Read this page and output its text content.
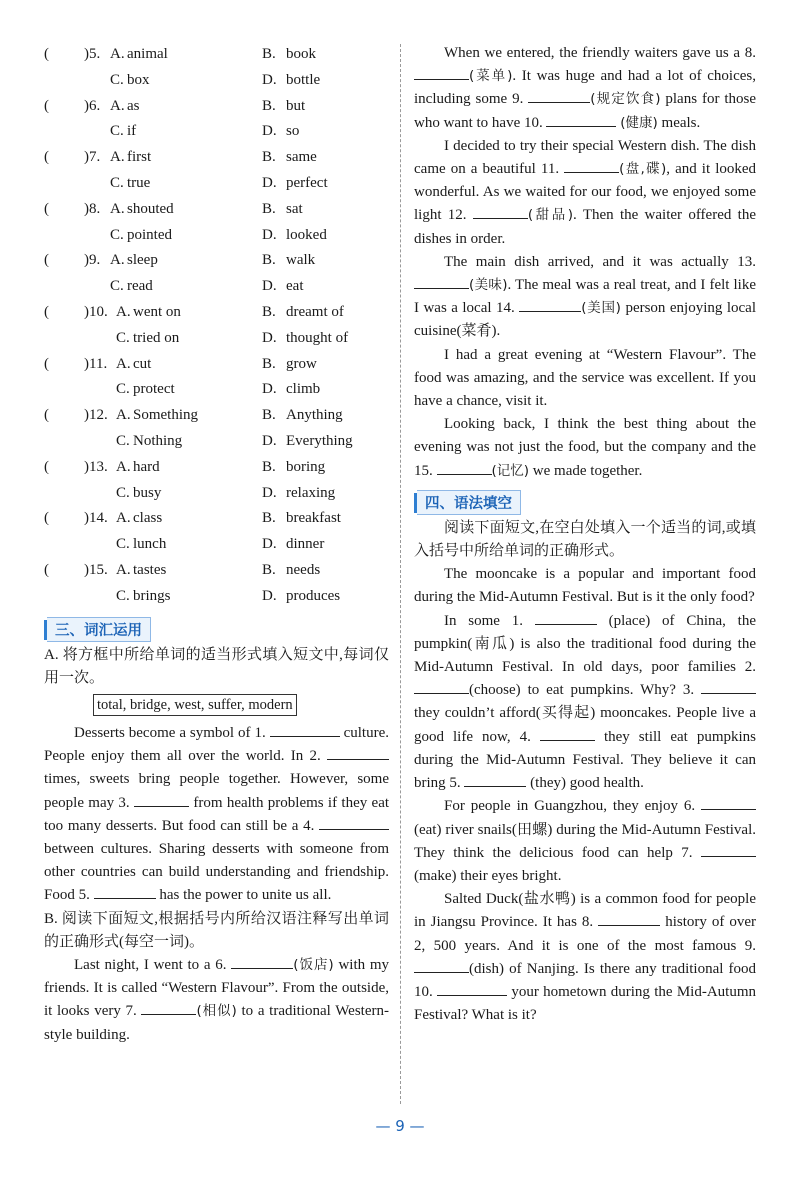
(	)5. A. animal	B. book
C. box	D. bottle
(	)6. A. as	B. but
C. if	D. so
(	)7. A. first	B. same
C. true	D. perfect
(	)8. A. shouted	B. sat
C. pointed	D. looked
(	)9. A. sleep	B. walk
C. read	D. eat
(	)10. A. went on	B. dreamt of
C. tried on	D. thought of
(	)11. A. cut	B. grow
C. protect	D. climb
(	)12. A. Something	B. Anything
C. Nothing	D. Everything
(	)13. A. hard	B. boring
C. busy	D. relaxing
(	)14. A. class	B. breakfast
C. lunch	D. dinner
(	)15. A. tastes	B. needs
C. brings	D. produces
三、词汇运用

A. 将方框中所给单词的适当形式填入短文中,每词仅用一次。

total, bridge, west, suffer, modern

Desserts become a symbol of 1.	culture. People enjoy them all over the world. In 2.  times, sweets bring people together. However, some people may 3.	from health problems if they eat too many desserts. But food can still be a 4.  between cultures. Sharing desserts with someone from other countries can build understanding and friendship. Food 5.	has the power to unite us all.

B. 阅读下面短文,根据括号内所给汉语注释写出单词的正确形式(每空一词)。

Last night, I went to a 6.	(饭店) with my friends. It is called “Western Flavour”. From the outside, it looks very 7.	(相似) to a traditional Western-style building.

When we entered, the friendly waiters gave us a 8. (菜单). It was huge and had a lot of choices, including some 9.	(规定饮食) plans for those who want to have 10.	(健康) meals.

I decided to try their special Western dish. The dish came on a beautiful 11.	(盘,碟), and it looked wonderful. As we waited for our food, we enjoyed some light 12.	(甜品). Then the waiter offered the dishes in order.

The main dish arrived, and it was actually 13. (美味). The meal was a real treat, and I felt like I was a local 14.	(美国) person enjoying local cuisine(菜肴).

I had a great evening at “Western Flavour”. The food was amazing, and the service was excellent. If you have a chance, visit it.

Looking back, I think the best thing about the evening was not just the food, but the company and the 15.	(记忆) we made together.

四、语法填空

阅读下面短文,在空白处填入一个适当的词,或填入括号中所给单词的正确形式。

The mooncake is a popular and important food during the Mid-Autumn Festival. But is it the only food?

In some 1.	(place) of China, the pumpkin(南瓜) is also the traditional food during the Mid-Autumn Festival. In old days, poor families 2. (choose) to eat pumpkins. Why? 3.  they couldn’t afford(买得起) mooncakes. People live a good life now, 4.	they still eat pumpkins during the Mid-Autumn Festival. They believe it can bring 5.	(they) good health.

For people in Guangzhou, they enjoy 6.  (eat) river snails(田螺) during the Mid-Autumn Festival. They think the delicious food can help 7. (make) their eyes bright.

Salted Duck(盐水鸭) is a common food for people in Jiangsu Province. It has 8.	history of over 2, 500 years. And it is one of the most famous 9. (dish) of Nanjing. Is there any traditional food 10.	your hometown during the Mid-Autumn Festival? What is it?

— 9 —
